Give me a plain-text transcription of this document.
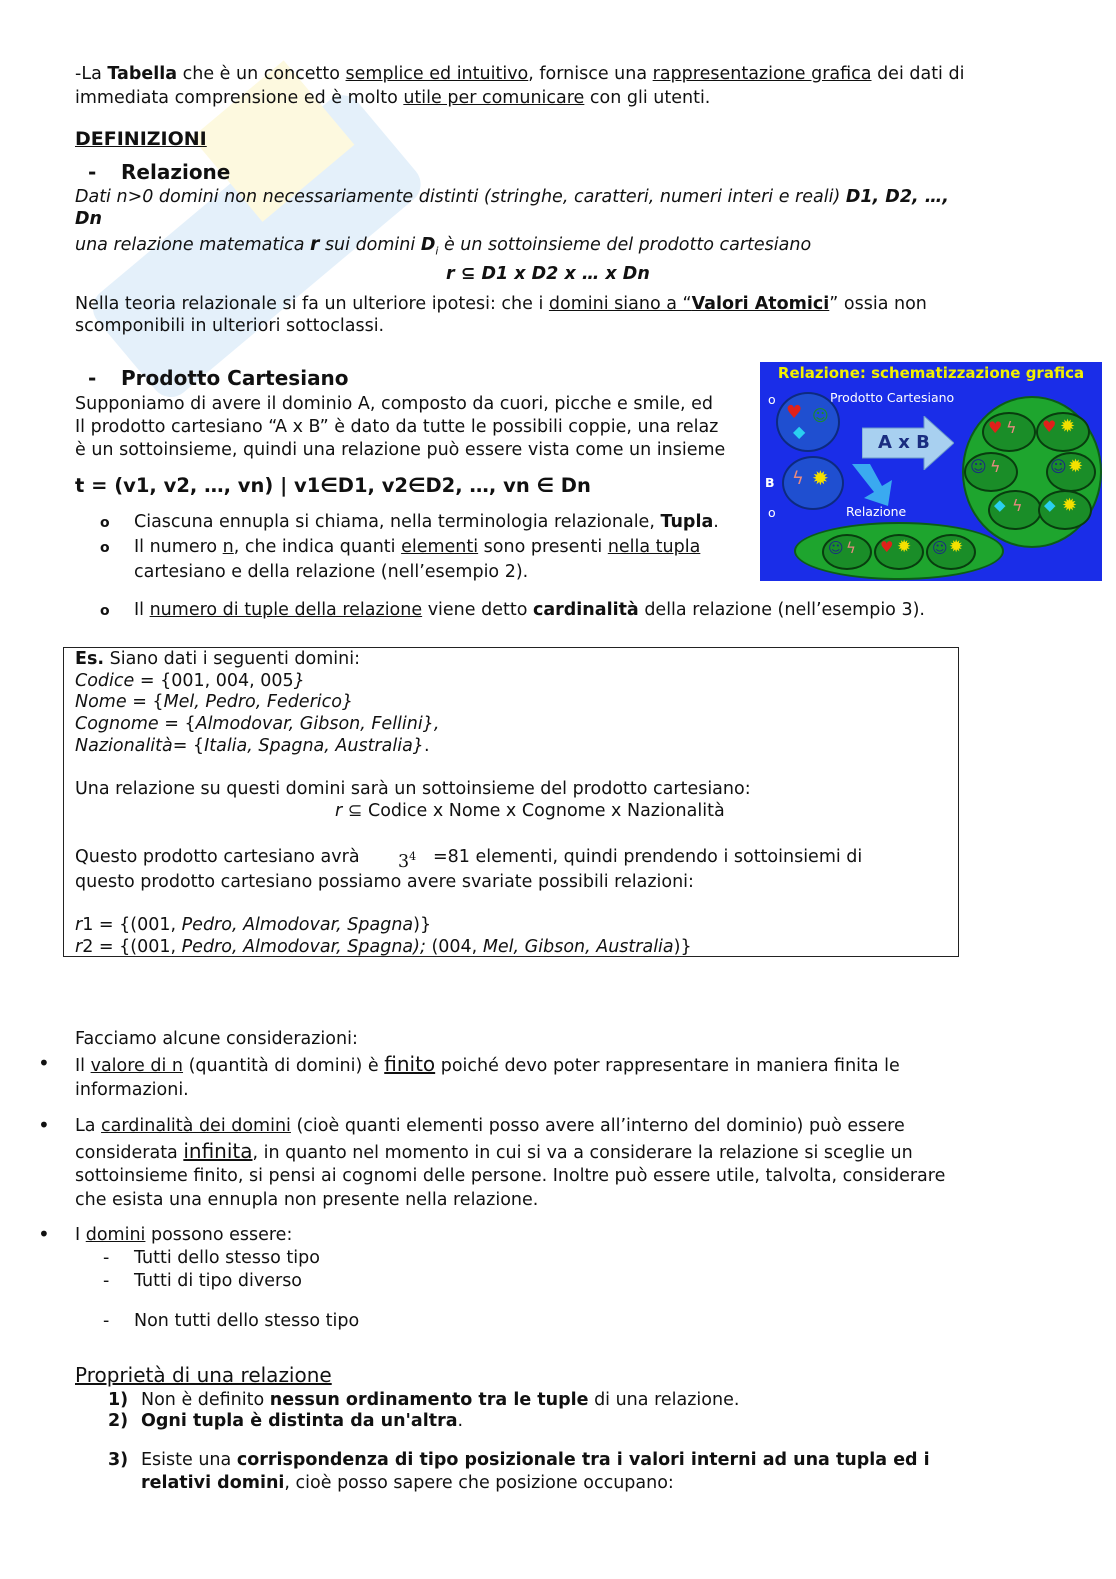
-La Tabella che è un concetto semplice ed intuitivo, fornisce una rappresentazione grafica dei dati di
immediata comprensione ed è molto utile per comunicare con gli utenti.
DEFINIZIONI
- Relazione
Dati n>0 domini non necessariamente distinti (stringhe, caratteri, numeri interi e reali) D1, D2, …,
Dn
una relazione matematica r sui domini $D_i$ è un sottoinsieme del prodotto cartesiano
r ⊆ D1 x D2 x … x Dn
Nella teoria relazionale si fa un ulteriore ipotesi: che i domini siano a “Valori Atomici” ossia non
scomponibili in ulteriori sottoclassi.
- Prodotto Cartesiano
Supponiamo di avere il dominio A, composto da cuori, picche e smile, ed
Il prodotto cartesiano “A x B” è dato da tutte le possibili coppie, una relaz
è un sottoinsieme, quindi una relazione può essere vista come un insieme
t = (v1, v2, …, vn) | v1∈D1, v2∈D2, …, vn ∈ Dn
o Ciascuna ennupla si chiama, nella terminologia relazionale, Tupla.
o Il numero n, che indica quanti elementi sono presenti nella tupla
cartesiano e della relazione (nell’esempio 2).
o Il numero di tuple della relazione viene detto cardinalità della relazione (nell’esempio 3).
Relazione: schematizzazione grafica
Prodotto Cartesiano
o
B
o
♥ ☺
◆
ϟ ✹
A x B
Relazione
♥ ϟ ♥ ✹
☺ ϟ	☺ ✹
◆ ϟ ◆ ✹
☺ ϟ ♥ ✹ ☺ ✹
Es. Siano dati i seguenti domini:
Codice = {001, 004, 005}
Nome = {Mel, Pedro, Federico}
Cognome = {Almodovar, Gibson, Fellini},
Nazionalità= {Italia, Spagna, Australia}.
Una relazione su questi domini sarà un sottoinsieme del prodotto cartesiano:
r ⊆ Codice x Nome x Cognome x Nazionalità
Questo prodotto cartesiano avrà $3^4 =81$ elementi, quindi prendendo i sottoinsiemi di
questo prodotto cartesiano possiamo avere svariate possibili relazioni:
r1 = {(001, Pedro, Almodovar, Spagna)}
r2 = {(001, Pedro, Almodovar, Spagna); (004, Mel, Gibson, Australia)}
Facciamo alcune considerazioni:
• Il valore di n (quantità di domini) è finito poiché devo poter rappresentare in maniera finita le
informazioni.
• La cardinalità dei domini (cioè quanti elementi posso avere all’interno del dominio) può essere
considerata infinita, in quanto nel momento in cui si va a considerare la relazione si sceglie un
sottoinsieme finito, si pensi ai cognomi delle persone. Inoltre può essere utile, talvolta, considerare
che esista una ennupla non presente nella relazione.
• I domini possono essere:
- Tutti dello stesso tipo
- Tutti di tipo diverso
- Non tutti dello stesso tipo
Proprietà di una relazione
1) Non è definito nessun ordinamento tra le tuple di una relazione.
2) Ogni tupla è distinta da un'altra.
3) Esiste una corrispondenza di tipo posizionale tra i valori interni ad una tupla ed i
relativi domini, cioè posso sapere che posizione occupano:
